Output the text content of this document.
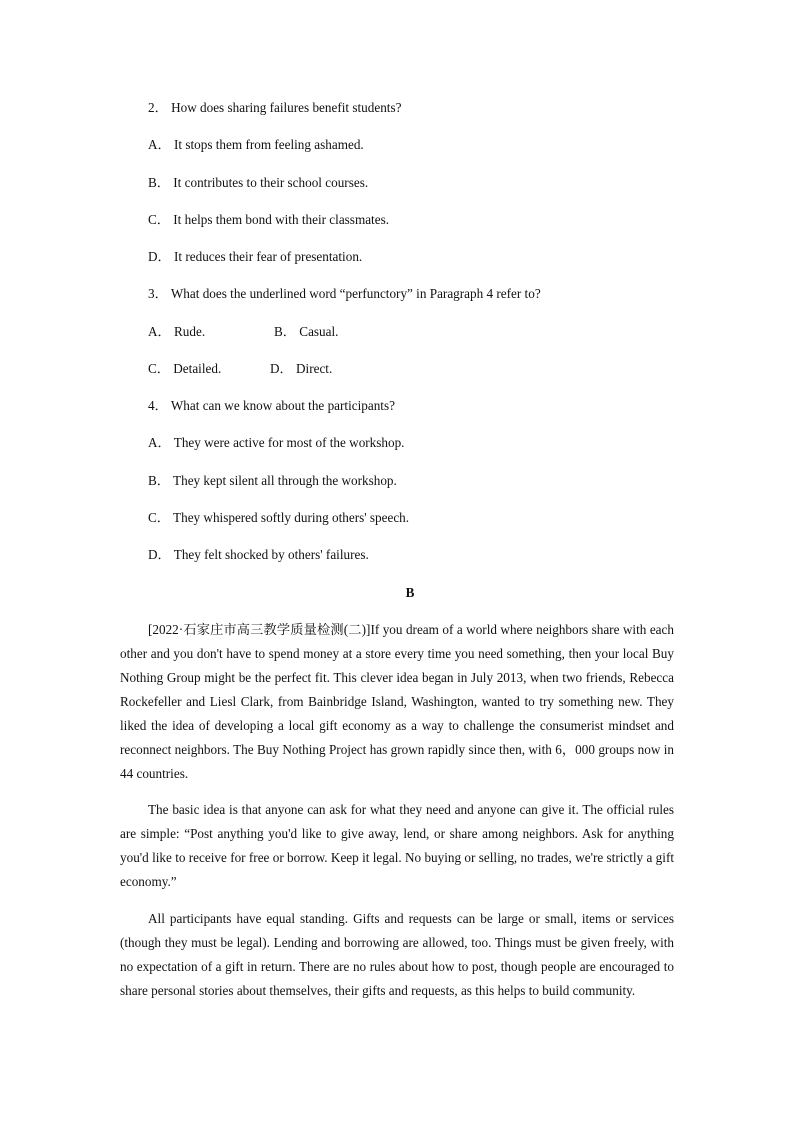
2． How does sharing failures benefit students?
A． It stops them from feeling ashamed.
B． It contributes to their school courses.
C． It helps them bond with their classmates.
D． It reduces their fear of presentation.
3． What does the underlined word “perfunctory” in Paragraph 4 refer to?
A． Rude.	B． Casual.
C． Detailed.	D． Direct.
4． What can we know about the participants?
A． They were active for most of the workshop.
B． They kept silent all through the workshop.
C． They whispered softly during others' speech.
D． They felt shocked by others' failures.
B
[2022·石家庄市高三教学质量检测(二)]If you dream of a world where neighbors share with each other and you don't have to spend money at a store every time you need something, then your local Buy Nothing Group might be the perfect fit. This clever idea began in July 2013, when two friends, Rebecca Rockefeller and Liesl Clark, from Bainbridge Island, Washington, wanted to try something new. They liked the idea of developing a local gift economy as a way to challenge the consumerist mindset and reconnect neighbors. The Buy Nothing Project has grown rapidly since then, with 6，000 groups now in 44 countries.
The basic idea is that anyone can ask for what they need and anyone can give it. The official rules are simple: “Post anything you'd like to give away, lend, or share among neighbors. Ask for anything you'd like to receive for free or borrow. Keep it legal. No buying or selling, no trades, we're strictly a gift economy.”
All participants have equal standing. Gifts and requests can be large or small, items or services (though they must be legal). Lending and borrowing are allowed, too. Things must be given freely, with no expectation of a gift in return. There are no rules about how to post, though people are encouraged to share personal stories about themselves, their gifts and requests, as this helps to build community.
